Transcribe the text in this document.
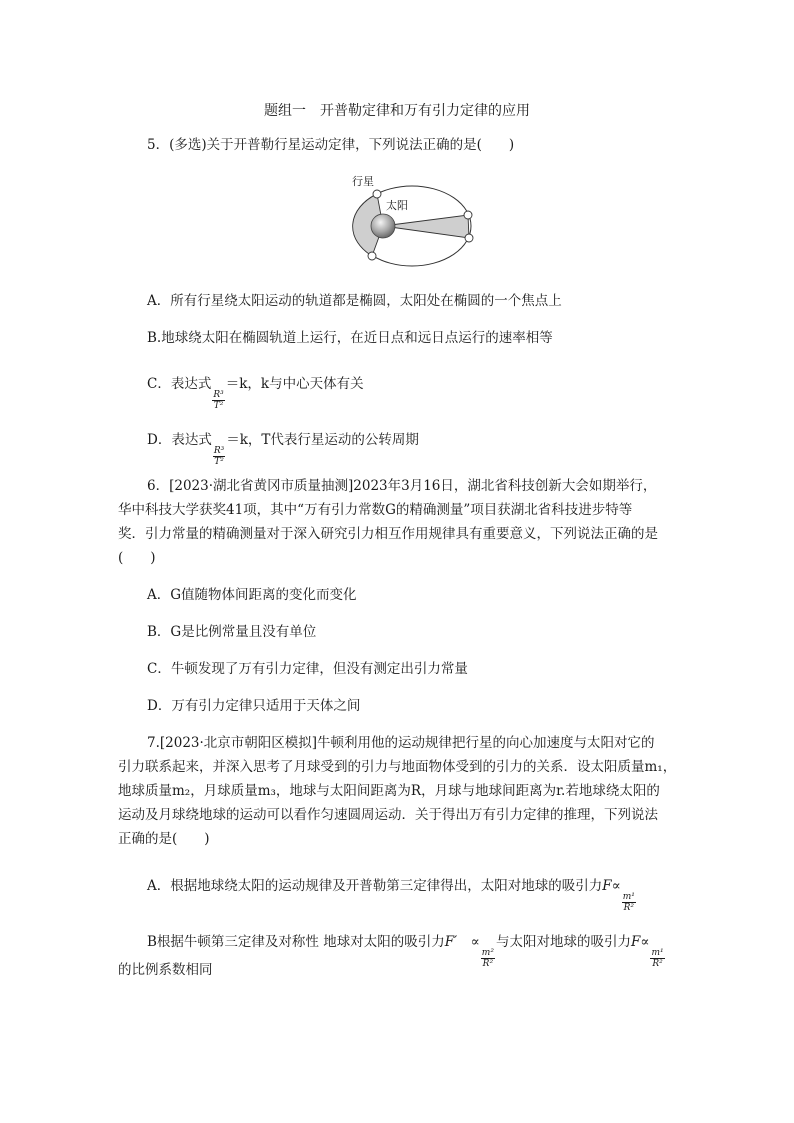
题组一　开普勒定律和万有引力定律的应用
5．(多选)关于开普勒行星运动定律，下列说法正确的是(　　)
行星
太阳
A．所有行星绕太阳运动的轨道都是椭圆，太阳处在椭圆的一个焦点上
B.地球绕太阳在椭圆轨道上运行，在近日点和远日点运行的速率相等
C．表达式
$\frac{\text{R³}}{\text{T²}}$
＝k，k与中心天体有关
D．表达式
$\frac{\text{R³}}{\text{T²}}$
＝k，T代表行星运动的公转周期
6．[2023·湖北省黄冈市质量抽测]2023年3月16日，湖北省科技创新大会如期举行，
华中科技大学获奖41项，其中“万有引力常数G的精确测量”项目获湖北省科技进步特等
奖．引力常量的精确测量对于深入研究引力相互作用规律具有重要意义，下列说法正确的是
(　　)
A．G值随物体间距离的变化而变化
B．G是比例常量且没有单位
C．牛顿发现了万有引力定律，但没有测定出引力常量
D．万有引力定律只适用于天体之间
7.[2023·北京市朝阳区模拟]牛顿利用他的运动规律把行星的向心加速度与太阳对它的
引力联系起来，并深入思考了月球受到的引力与地面物体受到的引力的关系．设太阳质量m₁，
地球质量m₂，月球质量m₃，地球与太阳间距离为R，月球与地球间距离为r.若地球绕太阳的
运动及月球绕地球的运动可以看作匀速圆周运动．关于得出万有引力定律的推理，下列说法
正确的是(　　)
A．根据地球绕太阳的运动规律及开普勒第三定律得出，太阳对地球的吸引力F∝
$\frac{\text{m¹}}{\text{R²}}$
B根据牛顿第三定律及对称性 地球对太阳的吸引力F′　∝
$\frac{\text{m²}}{\text{R²}}$
与太阳对地球的吸引力F∝
$\frac{\text{m¹}}{\text{R²}}$
的比例系数相同
